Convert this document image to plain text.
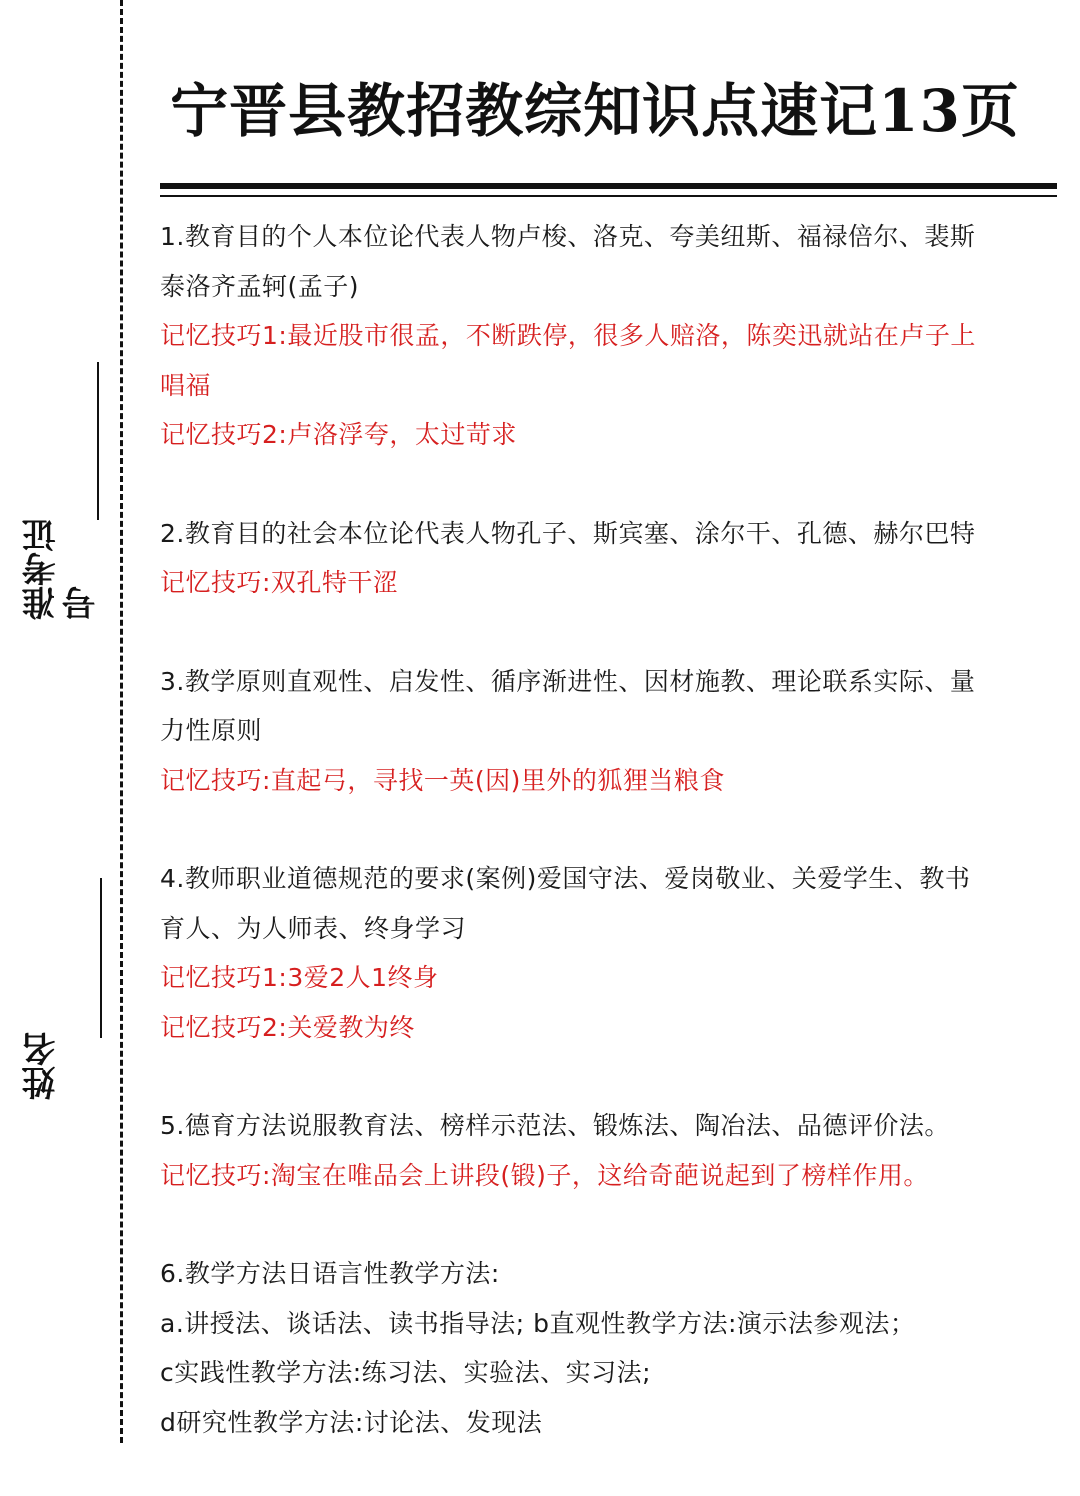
准考证号
姓名
宁晋县教招教综知识点速记13页
1.教育目的个人本位论代表人物卢梭、洛克、夸美纽斯、福禄倍尔、裴斯
泰洛齐孟轲(孟子)
记忆技巧1:最近股市很孟，不断跌停，很多人赔洛，陈奕迅就站在卢子上
唱福
记忆技巧2:卢洛浮夸，太过苛求
2.教育目的社会本位论代表人物孔子、斯宾塞、涂尔干、孔德、赫尔巴特
记忆技巧:双孔特干涩
3.教学原则直观性、启发性、循序渐进性、因材施教、理论联系实际、量
力性原则
记忆技巧:直起弓，寻找一英(因)里外的狐狸当粮食
4.教师职业道德规范的要求(案例)爱国守法、爱岗敬业、关爱学生、教书
育人、为人师表、终身学习
记忆技巧1:3爱2人1终身
记忆技巧2:关爱教为终
5.德育方法说服教育法、榜样示范法、锻炼法、陶冶法、品德评价法。
记忆技巧:淘宝在唯品会上讲段(锻)子，这给奇葩说起到了榜样作用。
6.教学方法日语言性教学方法:
a.讲授法、谈话法、读书指导法; b直观性教学方法:演示法参观法；
c实践性教学方法:练习法、实验法、实习法;
d研究性教学方法:讨论法、发现法
